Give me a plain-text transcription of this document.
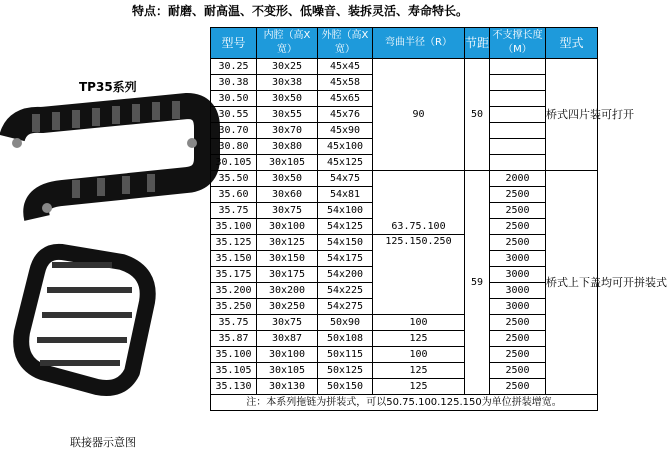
特点：耐磨、耐高温、不变形、低噪音、装拆灵活、寿命特长。
TP35系列
联接器示意图
型号	内腔（高X宽）	外腔（高X宽）	弯曲半径（R）	节距	不支撑长度（M）	型式
30.25	30x25	45x45	90	50		桥式四片装可打开
30.38	30x38	45x58				
30.50	30x50	45x65				
30.55	30x55	45x76				
30.70	30x70	45x90				
30.80	30x80	45x100				
30.105	30x105	45x125				
35.50	30x50	54x75	63.75.100	59	2000	桥式上下盖均可开拼装式
35.60	30x60	54x81			2500	
35.75	30x75	54x100			2500	
35.100	30x100	54x125			2500	
35.125	30x125	54x150	125.150.250		2500	
35.150	30x150	54x175			3000	
35.175	30x175	54x200			3000	
35.200	30x200	54x225			3000	
35.250	30x250	54x275			3000	
35.75	30x75	50x90	100		2500	
35.87	30x87	50x108	125		2500	
35.100	30x100	50x115	100		2500	
35.105	30x105	50x125	125		2500	
35.130	30x130	50x150	125		2500	
注：本系列拖链为拼装式，可以50.75.100.125.150为单位拼装增宽。						
